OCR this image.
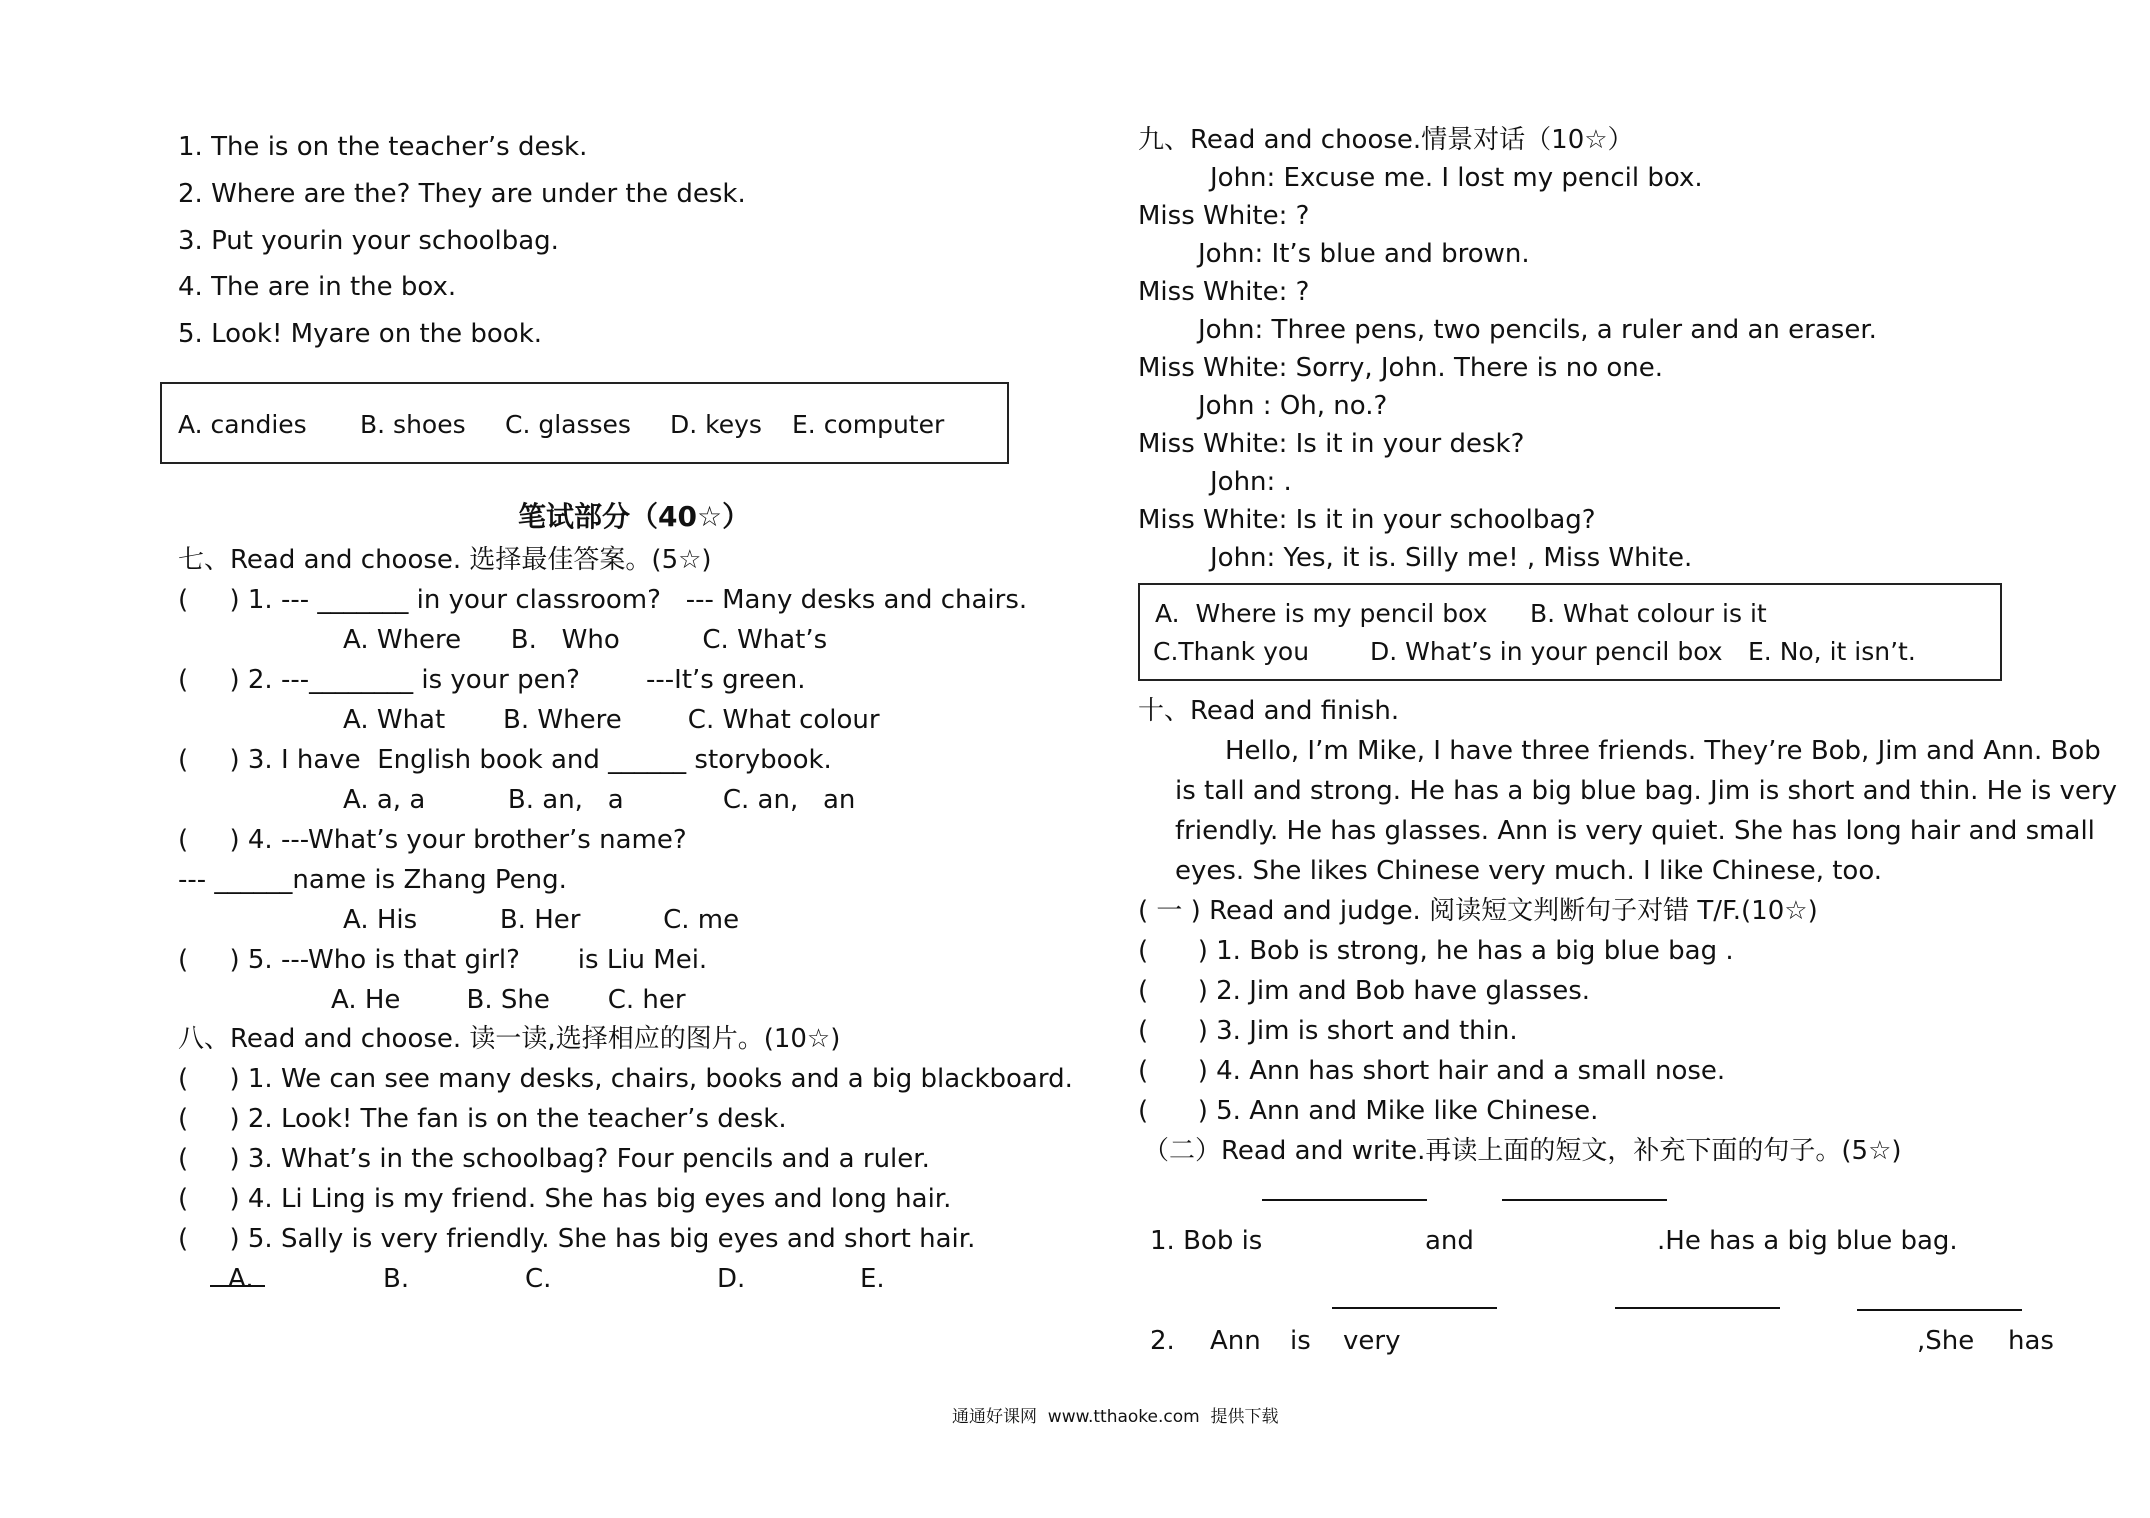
1. The is on the teacher’s desk.
2. Where are the? They are under the desk.
3. Put yourin your schoolbag.
4. The are in the box.
5. Look! Myare on the book.
A. candies B. shoes C. glasses D. keys E. computer
笔试部分（40☆）
七、Read and choose. 选择最佳答案。(5☆)
(     ) 1. --- _______ in your classroom?   --- Many desks and chairs.
A. Where      B.   Who          C. What’s
(     ) 2. ---________ is your pen?        ---It’s green.
A. What       B. Where        C. What colour
(     ) 3. I have  English book and ______ storybook.
A. a, a          B. an,   a            C. an,   an
(     ) 4. ---What’s your brother’s name?
--- ______name is Zhang Peng.
A. His          B. Her          C. me
(     ) 5. ---Who is that girl?       is Liu Mei.
A. He        B. She       C. her
八、Read and choose. 读一读,选择相应的图片。(10☆)
(     ) 1. We can see many desks, chairs, books and a big blackboard.
(     ) 2. Look! The fan is on the teacher’s desk.
(     ) 3. What’s in the schoolbag? Four pencils and a ruler.
(     ) 4. Li Ling is my friend. She has big eyes and long hair.
(     ) 5. Sally is very friendly. She has big eyes and short hair.
A.	B.	C.	D.	E.
九、Read and choose.情景对话（10☆）
John: Excuse me. I lost my pencil box.
Miss White: ?
John: It’s blue and brown.
Miss White: ?
John: Three pens, two pencils, a ruler and an eraser.
Miss White: Sorry, John. There is no one.
John : Oh, no.?
Miss White: Is it in your desk?
John: .
Miss White: Is it in your schoolbag?
John: Yes, it is. Silly me! , Miss White.
A.  Where is my pencil box B. What colour is it
C.Thank you D. What’s in your pencil box E. No, it isn’t.
十、Read and finish.
Hello, I’m Mike, I have three friends. They’re Bob, Jim and Ann. Bob
is tall and strong. He has a big blue bag. Jim is short and thin. He is very
friendly. He has glasses. Ann is very quiet. She has long hair and small
eyes. She likes Chinese very much. I like Chinese, too.
( 一 ) Read and judge. 阅读短文判断句子对错 T/F.(10☆)
(      ) 1. Bob is strong, he has a big blue bag .
(      ) 2. Jim and Bob have glasses.
(      ) 3. Jim is short and thin.
(      ) 4. Ann has short hair and a small nose.
(      ) 5. Ann and Mike like Chinese.
（二）Read and write.再读上面的短文，补充下面的句子。(5☆)
1. Bob is	and	.He has a big blue bag.
2. Ann is very	,She has
通通好课网  www.tthaoke.com  提供下载
